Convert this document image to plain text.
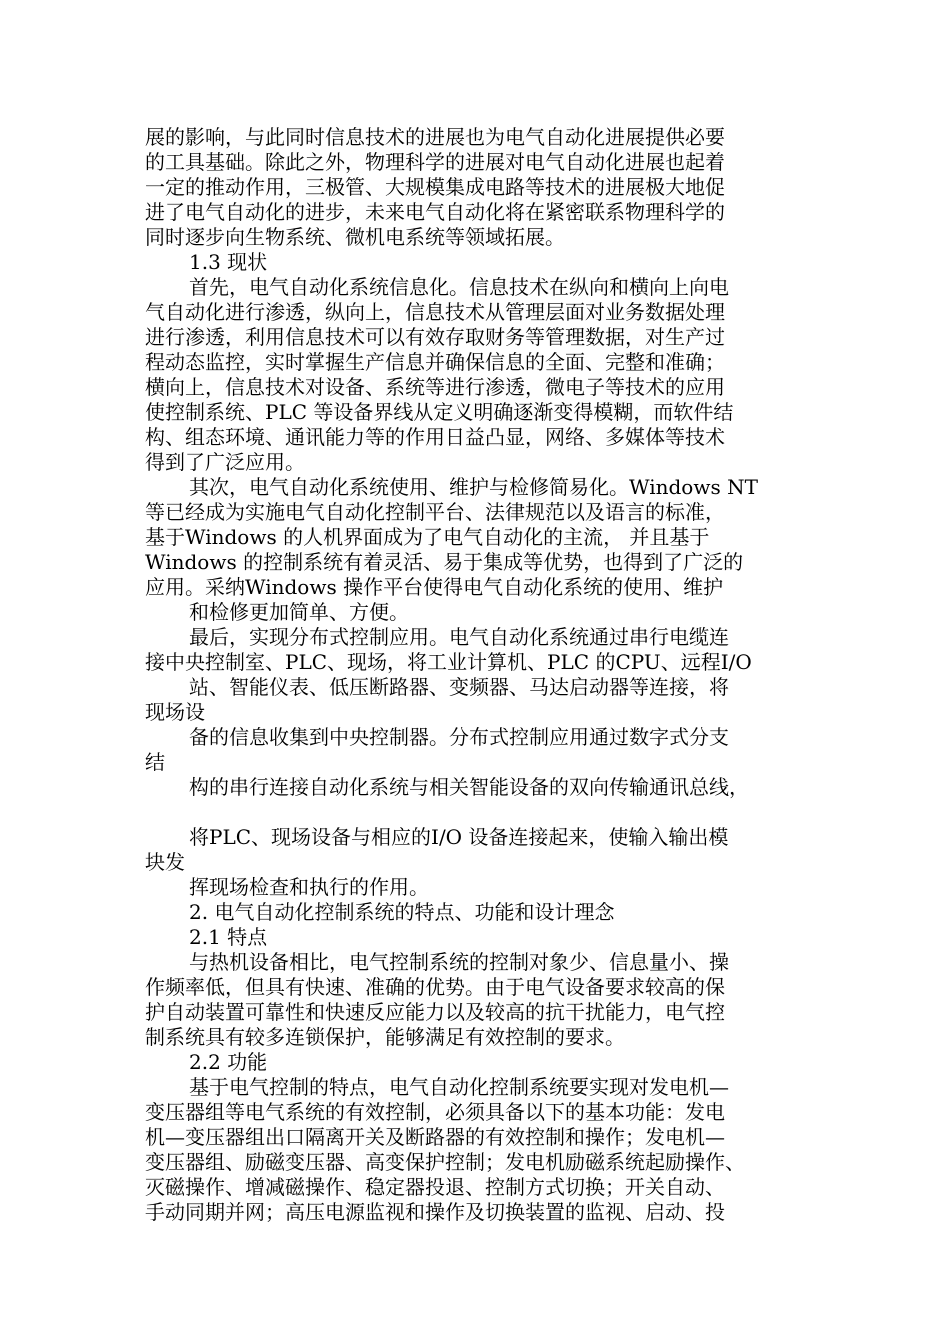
展的影响，与此同时信息技术的进展也为电气自动化进展提供必要
的工具基础。除此之外，物理科学的进展对电气自动化进展也起着
一定的推动作用，三极管、大规模集成电路等技术的进展极大地促
进了电气自动化的进步，未来电气自动化将在紧密联系物理科学的
同时逐步向生物系统、微机电系统等领域拓展。
1.3 现状
首先，电气自动化系统信息化。信息技术在纵向和横向上向电
气自动化进行渗透，纵向上，信息技术从管理层面对业务数据处理
进行渗透，利用信息技术可以有效存取财务等管理数据，对生产过
程动态监控，实时掌握生产信息并确保信息的全面、完整和准确；
横向上，信息技术对设备、系统等进行渗透，微电子等技术的应用
使控制系统、PLC 等设备界线从定义明确逐渐变得模糊，而软件结
构、组态环境、通讯能力等的作用日益凸显，网络、多媒体等技术
得到了广泛应用。
其次，电气自动化系统使用、维护与检修简易化。Windows NT
等已经成为实施电气自动化控制平台、法律规范以及语言的标准，
基于Windows 的人机界面成为了电气自动化的主流， 并且基于
Windows 的控制系统有着灵活、易于集成等优势，也得到了广泛的
应用。采纳Windows 操作平台使得电气自动化系统的使用、维护
和检修更加简单、方便。
最后，实现分布式控制应用。电气自动化系统通过串行电缆连
接中央控制室、PLC、现场，将工业计算机、PLC 的CPU、远程I/O
站、智能仪表、低压断路器、变频器、马达启动器等连接，将
现场设
备的信息收集到中央控制器。分布式控制应用通过数字式分支
结
构的串行连接自动化系统与相关智能设备的双向传输通讯总线，
将PLC、现场设备与相应的I/O 设备连接起来，使输入输出模
块发
挥现场检查和执行的作用。
2. 电气自动化控制系统的特点、功能和设计理念
2.1 特点
与热机设备相比，电气控制系统的控制对象少、信息量小、操
作频率低，但具有快速、准确的优势。由于电气设备要求较高的保
护自动装置可靠性和快速反应能力以及较高的抗干扰能力，电气控
制系统具有较多连锁保护，能够满足有效控制的要求。
2.2 功能
基于电气控制的特点，电气自动化控制系统要实现对发电机—
变压器组等电气系统的有效控制，必须具备以下的基本功能：发电
机—变压器组出口隔离开关及断路器的有效控制和操作；发电机—
变压器组、励磁变压器、高变保护控制；发电机励磁系统起励操作、
灭磁操作、增减磁操作、稳定器投退、控制方式切换；开关自动、
手动同期并网；高压电源监视和操作及切换装置的监视、启动、投
